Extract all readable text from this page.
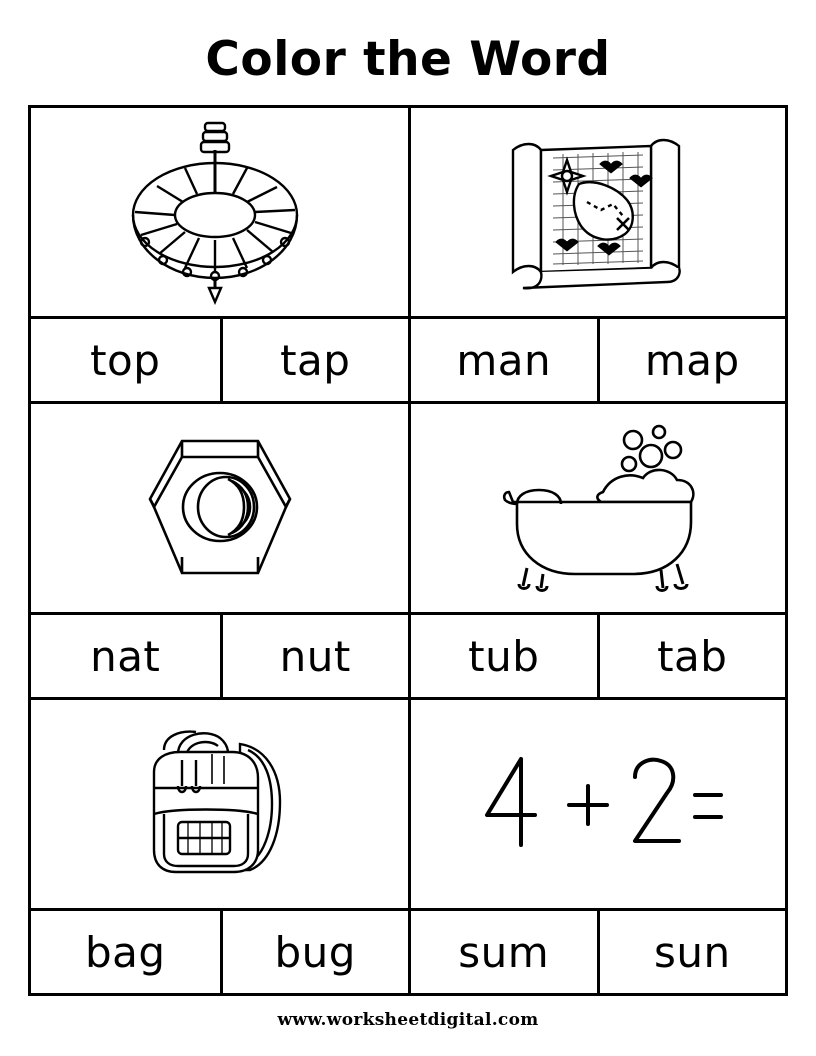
Color the Word
top	tap	man	map
nat	nut	tub	tab
bag	bug	sum	sun
www.worksheetdigital.com
